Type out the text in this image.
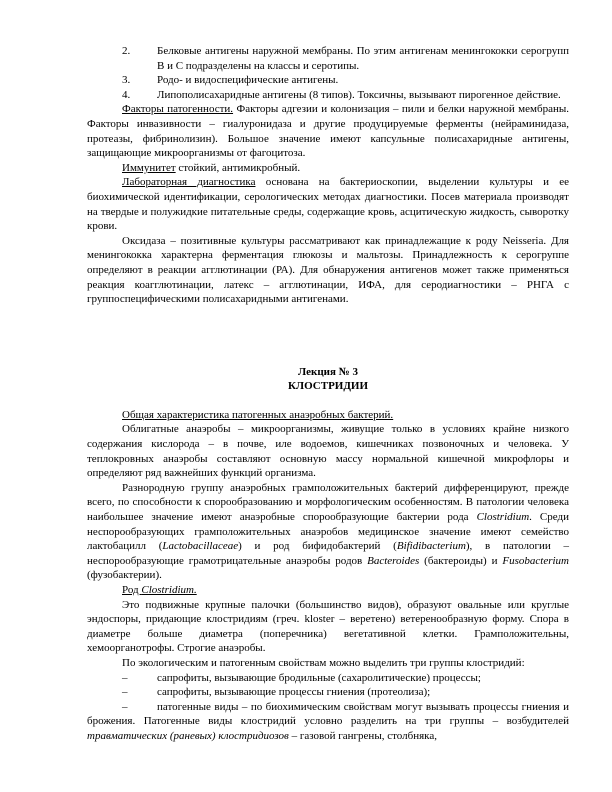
2.	Белковые антигены наружной мембраны. По этим антигенам менингококки серогрупп B и C подразделены на классы и серотипы.
3.	Родо- и видоспецифические антигены.
4.	Липополисахаридные антигены (8 типов). Токсичны, вызывают пирогенное действие.

Факторы патогенности. Факторы адгезии и колонизация – пили и белки наружной мембраны. Факторы инвазивности – гиалуронидаза и другие продуцируемые ферменты (нейраминидаза, протеазы, фибринолизин). Большое значение имеют капсульные полисахаридные антигены, защищающие микроорганизмы от фагоцитоза.

Иммунитет стойкий, антимикробный.

Лабораторная диагностика основана на бактериоскопии, выделении культуры и ее биохимической идентификации, серологических методах диагностики. Посев материала производят на твердые и полужидкие питательные среды, содержащие кровь, асцитическую жидкость, сыворотку крови.

Оксидаза – позитивные культуры рассматривают как принадлежащие к роду Neisseria. Для менингококка характерна ферментация глюкозы и мальтозы. Принадлежность к серогруппе определяют в реакции агглютинации (РА). Для обнаружения антигенов может также применяться реакция коагглютинации, латекс – агглютинации, ИФА, для серодиагностики – РНГА с группоспецифическими полисахаридными антигенами.

Лекция № 3

КЛОСТРИДИИ

Общая характеристика патогенных анаэробных бактерий.

Облигатные анаэробы – микроорганизмы, живущие только в условиях крайне низкого содержания кислорода – в почве, иле водоемов, кишечниках позвоночных и человека. У теплокровных анаэробы составляют основную массу нормальной кишечной микрофлоры и определяют ряд важнейших функций организма.

Разнородную группу анаэробных грамположительных бактерий дифференцируют, прежде всего, по способности к спорообразованию и морфологическим особенностям. В патологии человека наибольшее значение имеют анаэробные спорообразующие бактерии рода Clostridium. Среди неспорообразующих грамположительных анаэробов медицинское значение имеют семейство лактобацилл (Lactobacillaceae) и род бифидобактерий (Bifidibacterium), в патологии – неспорообразующие грамотрицательные анаэробы родов Bacteroides (бактероиды) и Fusobacterium (фузобактерии).

Род Clostridium.

Это подвижные крупные палочки (большинство видов), образуют овальные или круглые эндоспоры, придающие клостридиям (греч. kloster – веретено) ветеренообразную форму. Спора в диаметре больше диаметра (поперечника) вегетативной клетки. Грамположительны, хемоорганотрофы. Строгие анаэробы.

По экологическим и патогенным свойствам можно выделить три группы клостридий:

–	сапрофиты, вызывающие бродильные (сахаролитические) процессы;
–	сапрофиты, вызывающие процессы гниения (протеолиза);

–	патогенные виды – по биохимическим свойствам могут вызывать процессы гниения и брожения. Патогенные виды клостридий условно разделить на три группы – возбудителей травматических (раневых) клостридиозов – газовой гангрены, столбняка,
